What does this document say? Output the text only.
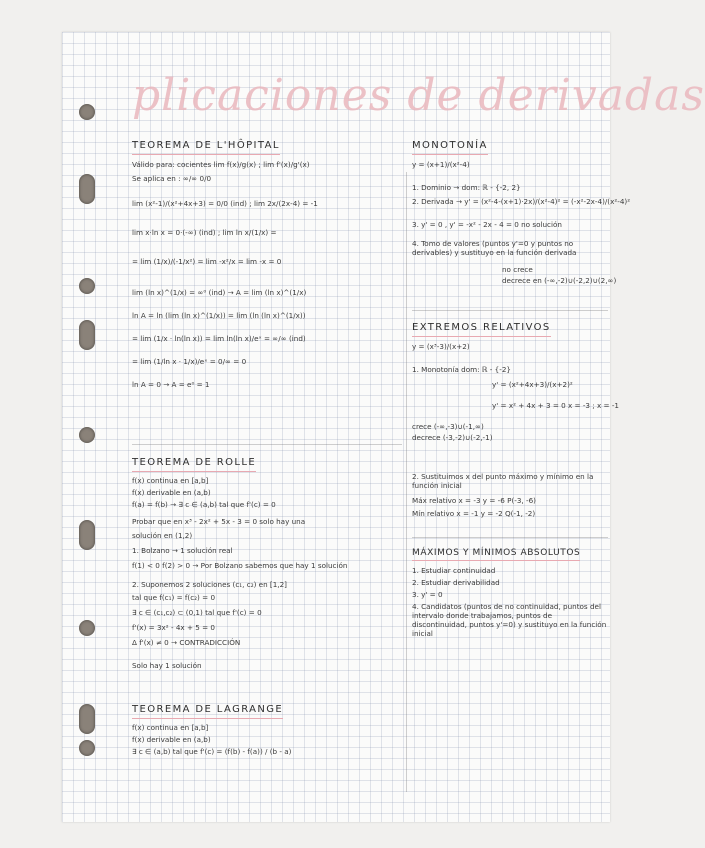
plicaciones de derivadas
TEOREMA DE L'HÔPITAL
Válido para: cocientes lim f(x)/g(x) ; lim f'(x)/g'(x)
Se aplica en : ∞/∞ 0/0
lim (x²-1)/(x²+4x+3) = 0/0 (ind) ; lim 2x/(2x-4) = -1
lim x·ln x = 0·(-∞) (ind) ; lim ln x/(1/x) =
= lim (1/x)/(-1/x²) = lim -x²/x = lim -x = 0
lim (ln x)^(1/x) = ∞⁰ (ind) → A = lim (ln x)^(1/x)
ln A = ln (lim (ln x)^(1/x)) = lim (ln (ln x)^(1/x))
= lim (1/x · ln(ln x)) = lim ln(ln x)/eˣ = ∞/∞ (ind)
= lim (1/ln x · 1/x)/eˣ = 0/∞ = 0
ln A = 0 → A = e⁰ = 1
TEOREMA DE ROLLE
f(x) continua en [a,b]
f(x) derivable en (a,b)
f(a) = f(b) → ∃ c ∈ (a,b) tal que f'(c) = 0
Probar que en x³ - 2x² + 5x - 3 = 0 solo hay una
solución en (1,2)
1. Bolzano → 1 solución real
f(1) < 0 f(2) > 0 → Por Bolzano sabemos que hay 1 solución
2. Suponemos 2 soluciones (c₁, c₂) en [1,2]
tal que f(c₁) = f(c₂) = 0
∃ c ∈ (c₁,c₂) ⊂ (0,1) tal que f'(c) = 0
f'(x) = 3x² - 4x + 5 = 0
Δ f'(x) ≠ 0 → CONTRADICCIÓN
Solo hay 1 solución
TEOREMA DE LAGRANGE
f(x) continua en [a,b]
f(x) derivable en (a,b)
∃ c ∈ (a,b) tal que f'(c) = (f(b) - f(a)) / (b - a)
MONOTONÍA
y = (x+1)/(x²-4)
1. Dominio → dom: ℝ - {-2, 2}
2. Derivada → y' = (x²-4-(x+1)·2x)/(x²-4)² = (-x²-2x-4)/(x²-4)²
3. y' = 0 , y' = -x² - 2x - 4 = 0 no solución
4. Tomo de valores (puntos y'=0 y puntos no derivables) y sustituyo en la función derivada
no crece
decrece en (-∞,-2)∪(-2,2)∪(2,∞)
EXTREMOS RELATIVOS
y = (x³-3)/(x+2)
1. Monotonía dom: ℝ - {-2}
y' = (x²+4x+3)/(x+2)²
y' = x² + 4x + 3 = 0 x = -3 ; x = -1
crece (-∞,-3)∪(-1,∞)
decrece (-3,-2)∪(-2,-1)
2. Sustituimos x del punto máximo y mínimo en la función inicial
Máx relativo x = -3 y = -6 P(-3, -6)
Mín relativo x = -1 y = -2 Q(-1, -2)
MÁXIMOS Y MÍNIMOS ABSOLUTOS
1. Estudiar continuidad
2. Estudiar derivabilidad
3. y' = 0
4. Candidatos (puntos de no continuidad, puntos del intervalo donde trabajamos, puntos de discontinuidad, puntos y'=0) y sustituyo en la función inicial
